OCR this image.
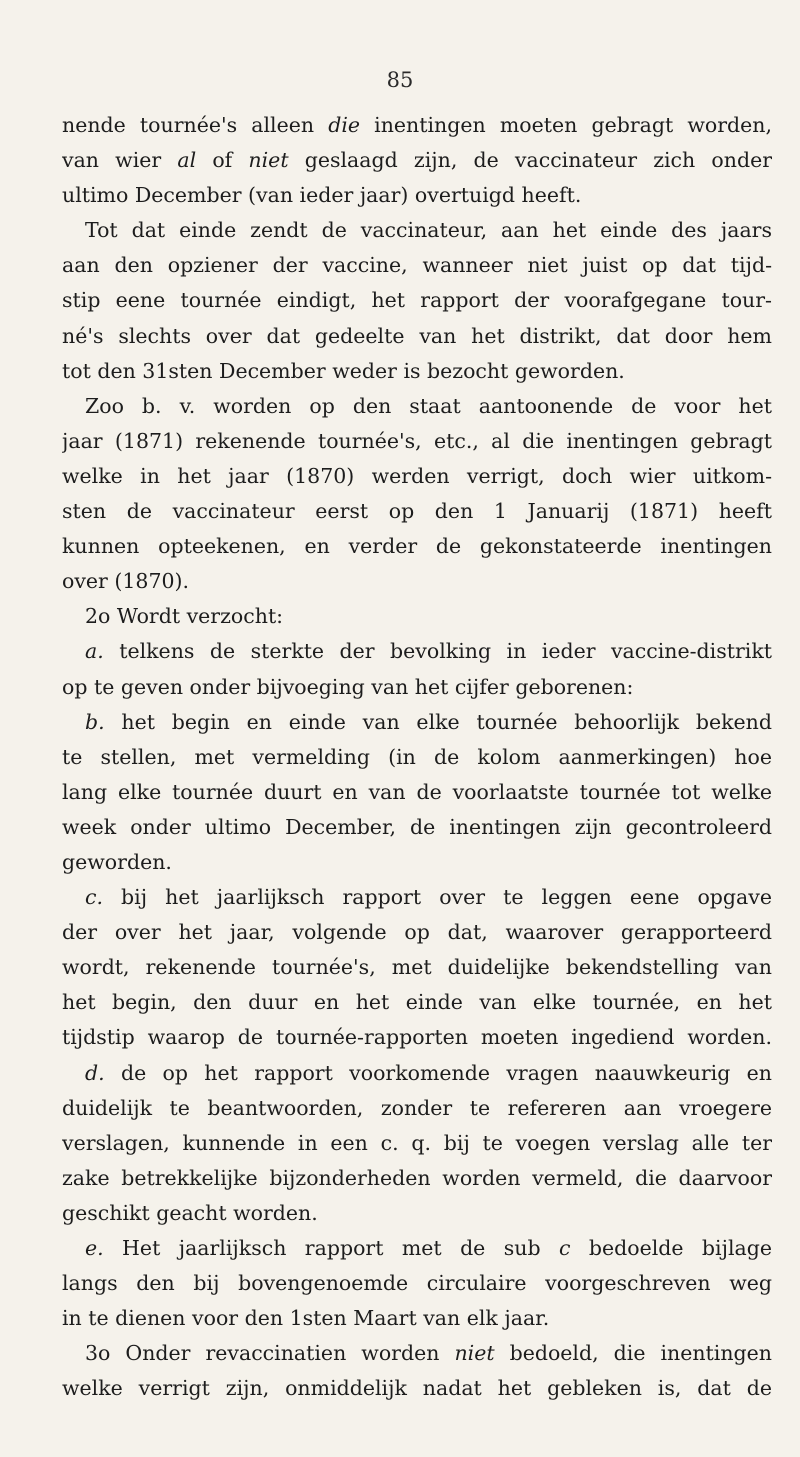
85
nende tournée's alleen die inentingen moeten gebragt worden,
van wier al of niet geslaagd zijn, de vaccinateur zich onder
ultimo December (van ieder jaar) overtuigd heeft.
Tot dat einde zendt de vaccinateur, aan het einde des jaars
aan den opziener der vaccine, wanneer niet juist op dat tijd-
stip eene tournée eindigt, het rapport der voorafgegane tour-
né's slechts over dat gedeelte van het distrikt, dat door hem
tot den 31sten December weder is bezocht geworden.
Zoo b. v. worden op den staat aantoonende de voor het
jaar (1871) rekenende tournée's, etc., al die inentingen gebragt
welke in het jaar (1870) werden verrigt, doch wier uitkom-
sten de vaccinateur eerst op den 1 Januarij (1871) heeft
kunnen opteekenen, en verder de gekonstateerde inentingen
over (1870).
2o Wordt verzocht:
a. telkens de sterkte der bevolking in ieder vaccine-distrikt
op te geven onder bijvoeging van het cijfer geborenen:
b. het begin en einde van elke tournée behoorlijk bekend
te stellen, met vermelding (in de kolom aanmerkingen) hoe
lang elke tournée duurt en van de voorlaatste tournée tot welke
week onder ultimo December, de inentingen zijn gecontroleerd
geworden.
c. bij het jaarlijksch rapport over te leggen eene opgave
der over het jaar, volgende op dat, waarover gerapporteerd
wordt, rekenende tournée's, met duidelijke bekendstelling van
het begin, den duur en het einde van elke tournée, en het
tijdstip waarop de tournée-rapporten moeten ingediend worden.
d. de op het rapport voorkomende vragen naauwkeurig en
duidelijk te beantwoorden, zonder te refereren aan vroegere
verslagen, kunnende in een c. q. bij te voegen verslag alle ter
zake betrekkelijke bijzonderheden worden vermeld, die daarvoor
geschikt geacht worden.
e. Het jaarlijksch rapport met de sub c bedoelde bijlage
langs den bij bovengenoemde circulaire voorgeschreven weg
in te dienen voor den 1sten Maart van elk jaar.
3o Onder revaccinatien worden niet bedoeld, die inentingen
welke verrigt zijn, onmiddelijk nadat het gebleken is, dat de
